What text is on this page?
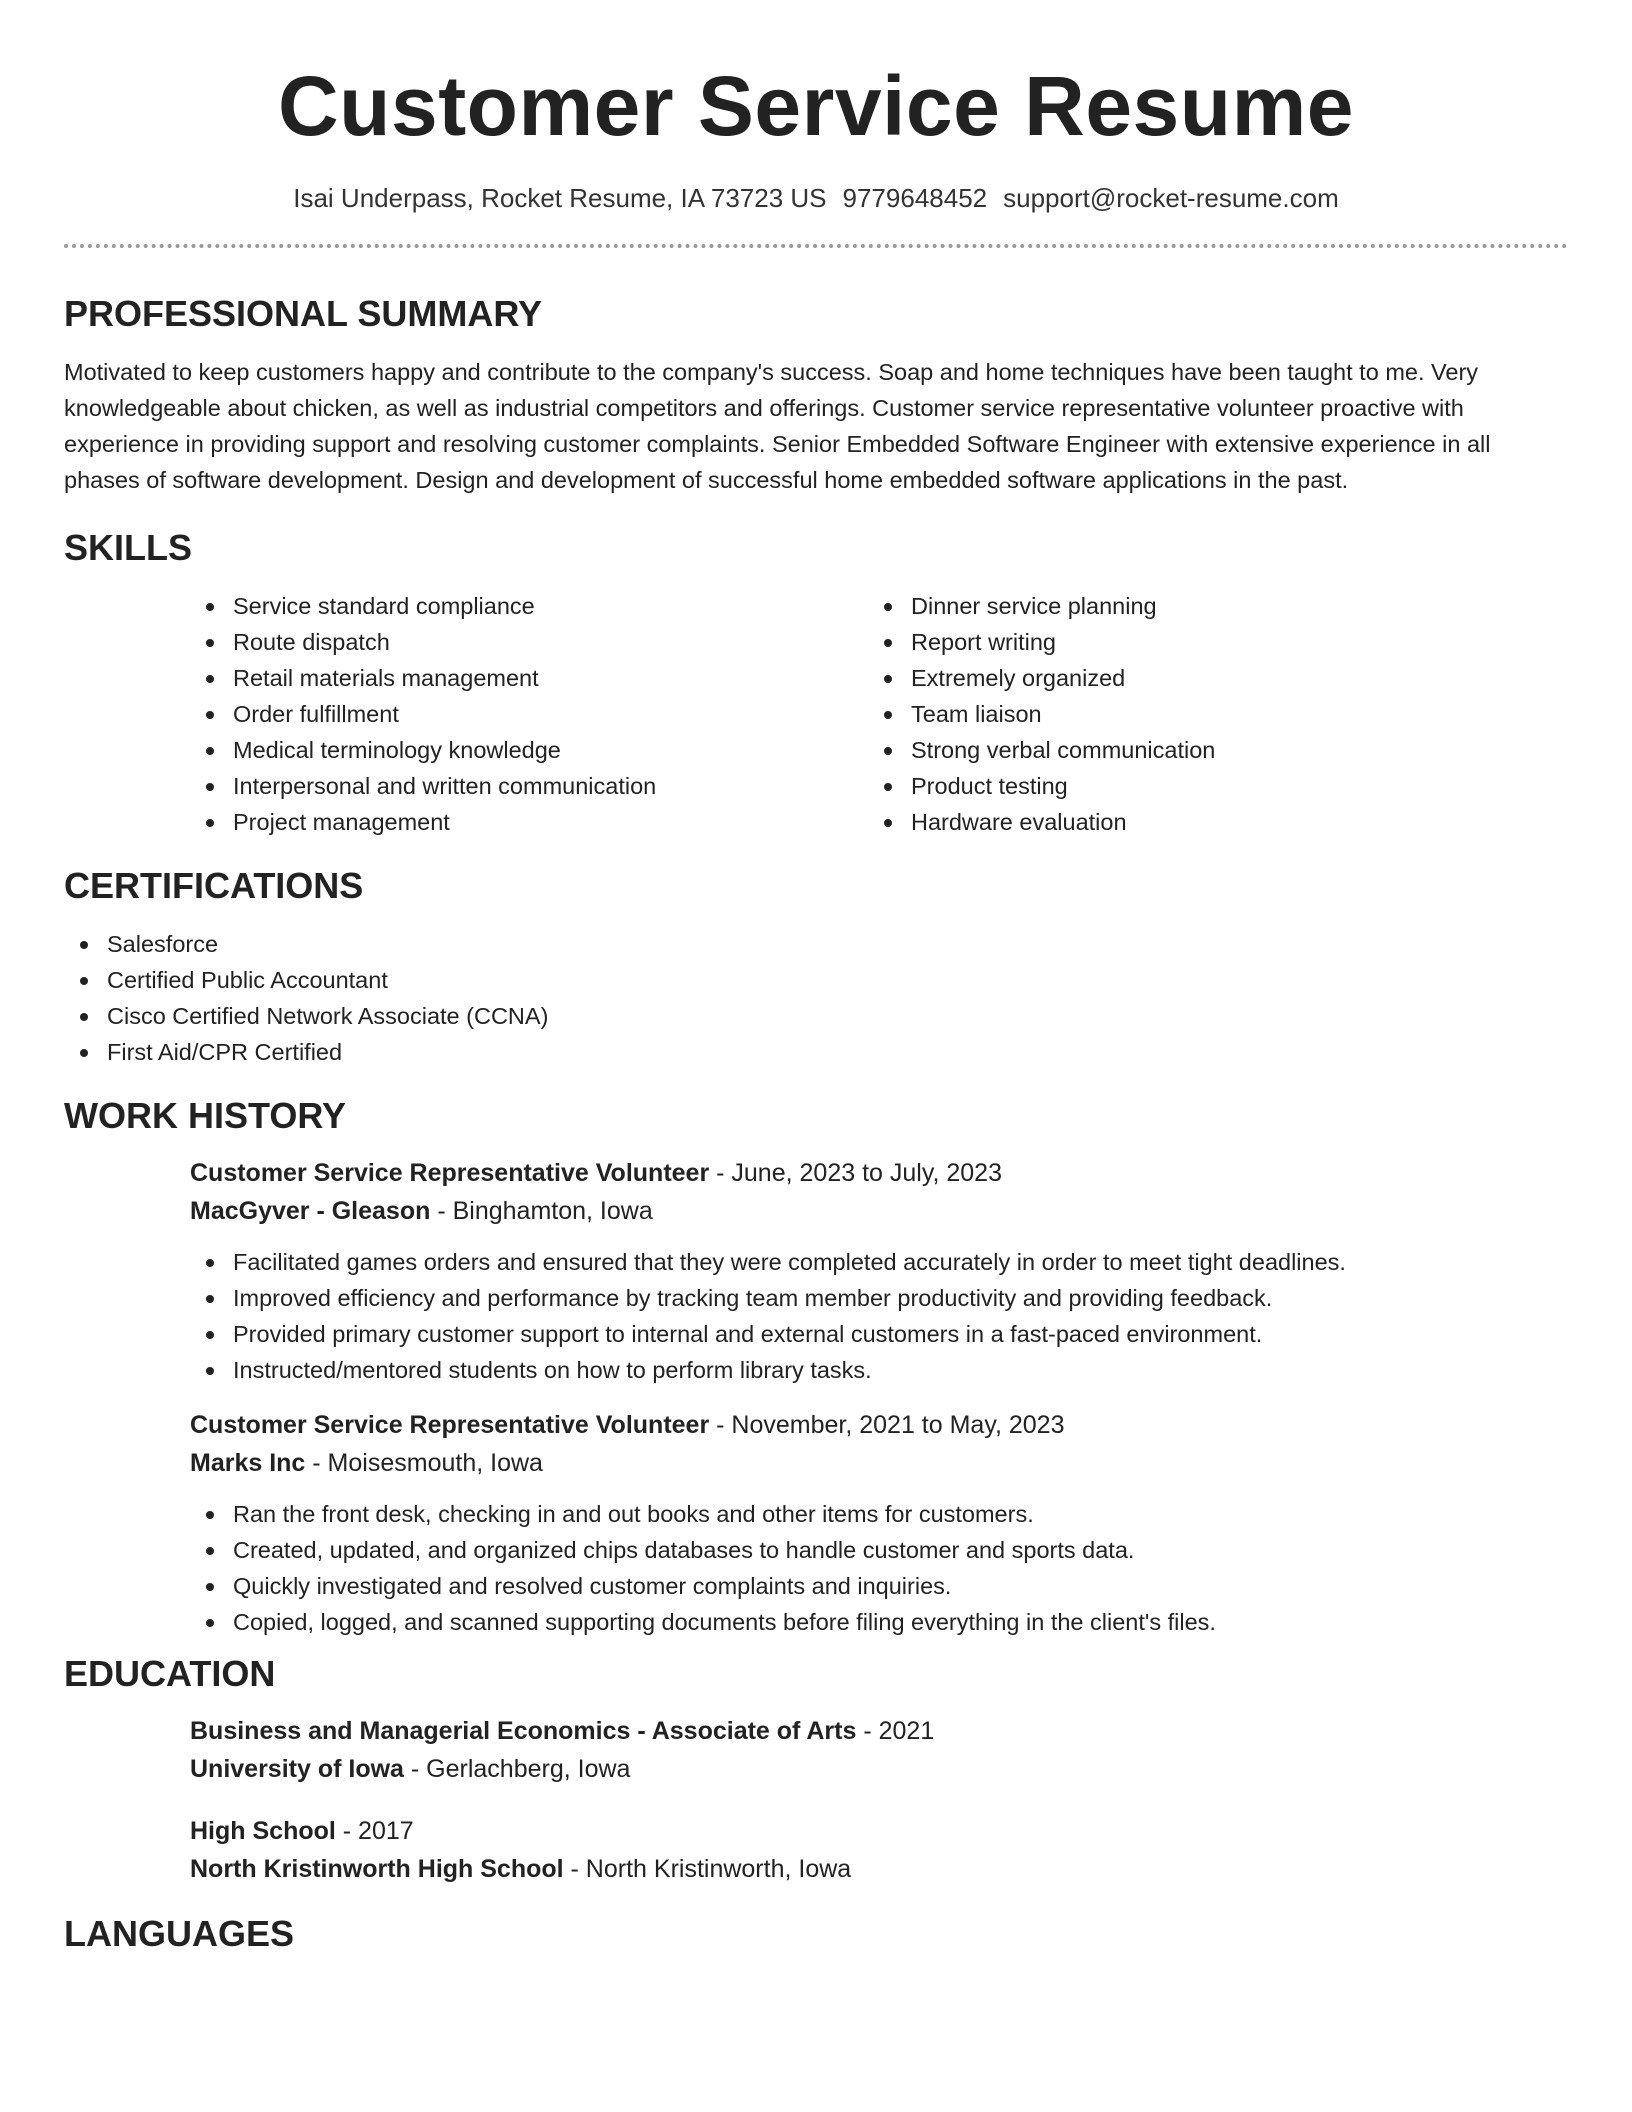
Customer Service Resume
Isai Underpass, Rocket Resume, IA 73723 US 9779648452 support@rocket-resume.com
PROFESSIONAL SUMMARY

Motivated to keep customers happy and contribute to the company's success. Soap and home techniques have been taught to me. Very knowledgeable about chicken, as well as industrial competitors and offerings. Customer service representative volunteer proactive with experience in providing support and resolving customer complaints. Senior Embedded Software Engineer with extensive experience in all phases of software development. Design and development of successful home embedded software applications in the past.

SKILLS
Service standard compliance
Route dispatch
Retail materials management
Order fulfillment
Medical terminology knowledge
Interpersonal and written communication
Project management
Dinner service planning
Report writing
Extremely organized
Team liaison
Strong verbal communication
Product testing
Hardware evaluation
CERTIFICATIONS
Salesforce
Certified Public Accountant
Cisco Certified Network Associate (CCNA)
First Aid/CPR Certified
WORK HISTORY
Customer Service Representative Volunteer - June, 2023 to July, 2023
MacGyver - Gleason - Binghamton, Iowa
Facilitated games orders and ensured that they were completed accurately in order to meet tight deadlines.
Improved efficiency and performance by tracking team member productivity and providing feedback.
Provided primary customer support to internal and external customers in a fast-paced environment.
Instructed/mentored students on how to perform library tasks.
Customer Service Representative Volunteer - November, 2021 to May, 2023
Marks Inc - Moisesmouth, Iowa
Ran the front desk, checking in and out books and other items for customers.
Created, updated, and organized chips databases to handle customer and sports data.
Quickly investigated and resolved customer complaints and inquiries.
Copied, logged, and scanned supporting documents before filing everything in the client's files.
EDUCATION
Business and Managerial Economics - Associate of Arts - 2021
University of Iowa - Gerlachberg, Iowa
High School - 2017
North Kristinworth High School - North Kristinworth, Iowa
LANGUAGES
